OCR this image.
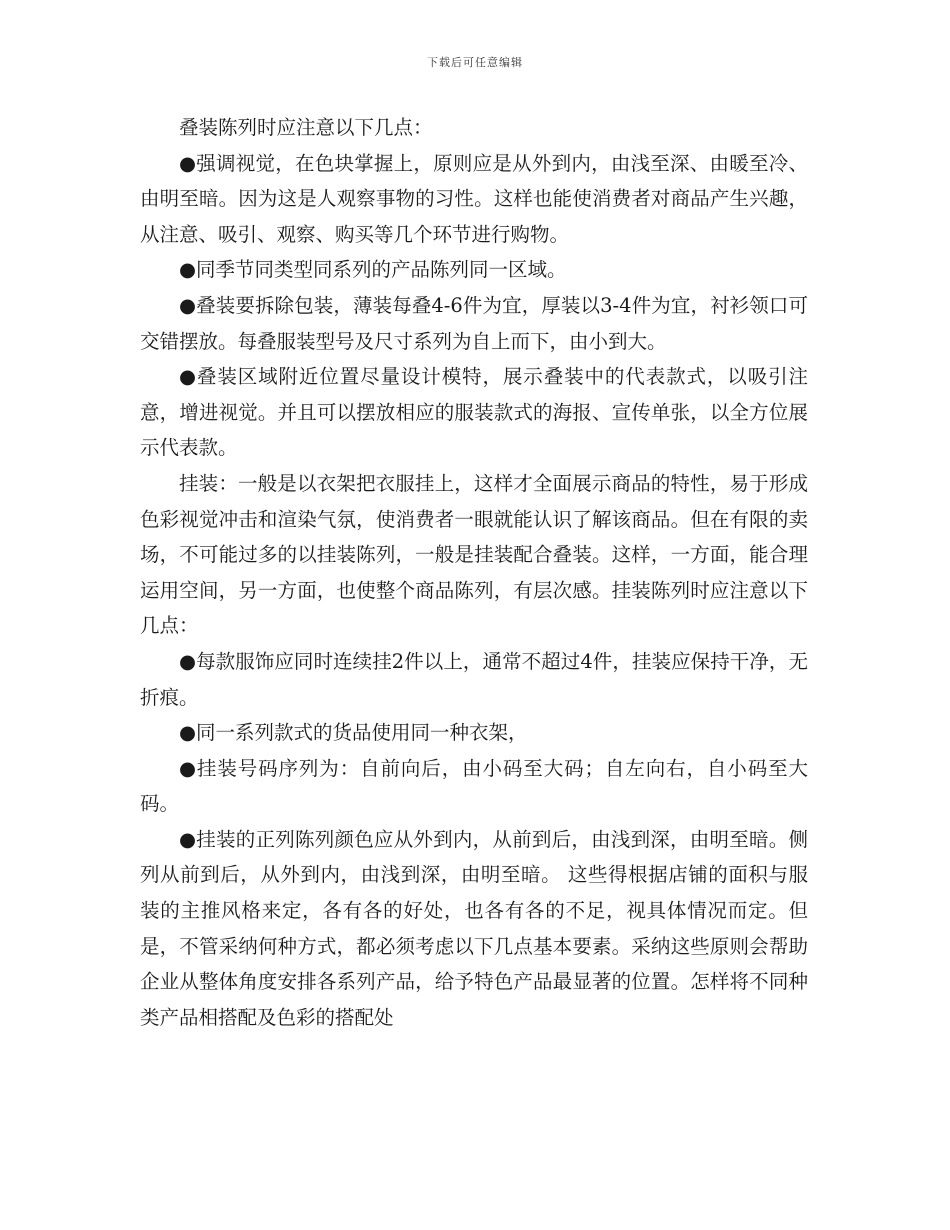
下载后可任意编辑

叠装陈列时应注意以下几点：

●强调视觉，在色块掌握上，原则应是从外到内，由浅至深、由暖至冷、由明至暗。因为这是人观察事物的习性。这样也能使消费者对商品产生兴趣，从注意、吸引、观察、购买等几个环节进行购物。

●同季节同类型同系列的产品陈列同一区域。

●叠装要拆除包装，薄装每叠4-6件为宜，厚装以3-4件为宜，衬衫领口可交错摆放。每叠服装型号及尺寸系列为自上而下，由小到大。

●叠装区域附近位置尽量设计模特，展示叠装中的代表款式，以吸引注意，增进视觉。并且可以摆放相应的服装款式的海报、宣传单张，以全方位展示代表款。

挂装：一般是以衣架把衣服挂上，这样才全面展示商品的特性，易于形成色彩视觉冲击和渲染气氛，使消费者一眼就能认识了解该商品。但在有限的卖场，不可能过多的以挂装陈列，一般是挂装配合叠装。这样，一方面，能合理运用空间，另一方面，也使整个商品陈列，有层次感。挂装陈列时应注意以下几点：

●每款服饰应同时连续挂2件以上，通常不超过4件，挂装应保持干净，无折痕。

●同一系列款式的货品使用同一种衣架，

●挂装号码序列为：自前向后，由小码至大码；自左向右，自小码至大码。

●挂装的正列陈列颜色应从外到内，从前到后，由浅到深，由明至暗。侧列从前到后，从外到内，由浅到深，由明至暗。 这些得根据店铺的面积与服装的主推风格来定，各有各的好处，也各有各的不足，视具体情况而定。但是，不管采纳何种方式，都必须考虑以下几点基本要素。采纳这些原则会帮助企业从整体角度安排各系列产品，给予特色产品最显著的位置。怎样将不同种类产品相搭配及色彩的搭配处
